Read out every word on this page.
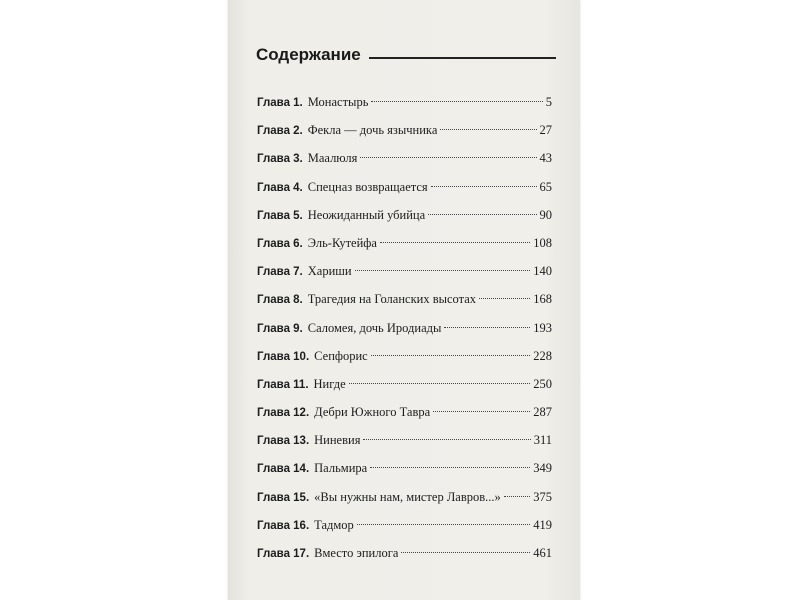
Содержание
Глава 1. Монастырь	5
Глава 2. Фекла — дочь язычника	27
Глава 3. Маалюля	43
Глава 4. Спецназ возвращается	65
Глава 5. Неожиданный убийца	90
Глава 6. Эль-Кутейфа	108
Глава 7. Хариши	140
Глава 8. Трагедия на Голанских высотах	168
Глава 9. Саломея, дочь Иродиады	193
Глава 10. Сепфорис	228
Глава 11. Нигде	250
Глава 12. Дебри Южного Тавра	287
Глава 13. Ниневия	311
Глава 14. Пальмира	349
Глава 15. «Вы нужны нам, мистер Лавров...»	375
Глава 16. Тадмор	419
Глава 17. Вместо эпилога	461
